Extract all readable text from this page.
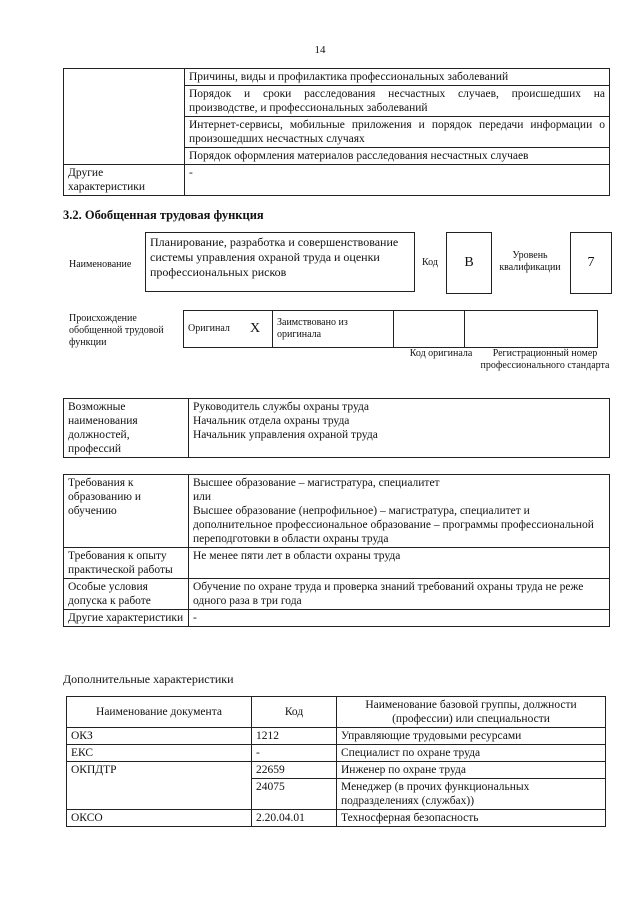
14
	Причины, виды и профилактика профессиональных заболеваний
	Порядок и сроки расследования несчастных случаев, происшедших на производстве, и профессиональных заболеваний
	Интернет-сервисы, мобильные приложения и порядок передачи информации о произошедших несчастных случаях
	Порядок оформления материалов расследования несчастных случаев
Другие характеристики	-
3.2. Обобщенная трудовая функция
Наименование
Планирование, разработка и совершенствование системы управления охраной труда и оценки профессиональных рисков
Код	B	Уровень квалификации	7
Происхождение обобщенной трудовой функции
Оригинал	X	Заимствовано из оригинала		
Код оригинала	Регистрационный номер профессионального стандарта
Возможные наименования должностей, профессий	
Руководитель службы охраны труда
Начальник отдела охраны труда
Начальник управления охраной труда
Требования к образованию и обучению	Высшее образование – магистратура, специалитет
или
Высшее образование (непрофильное) – магистратура, специалитет и дополнительное профессиональное образование – программы профессиональной переподготовки в области охраны труда

Требования к опыту практической работы	Не менее пяти лет в области охраны труда
Особые условия допуска к работе	Обучение по охране труда и проверка знаний требований охраны труда не реже одного раза в три года
Другие характеристики	-
Дополнительные характеристики
Наименование документа	Код	Наименование базовой группы, должности (профессии) или специальности
ОКЗ	1212	Управляющие трудовыми ресурсами
ЕКС	-	Специалист по охране труда
ОКПДТР	22659	Инженер по охране труда
	24075	Менеджер (в прочих функциональных подразделениях (службах))
ОКСО	2.20.04.01	Техносферная безопасность
